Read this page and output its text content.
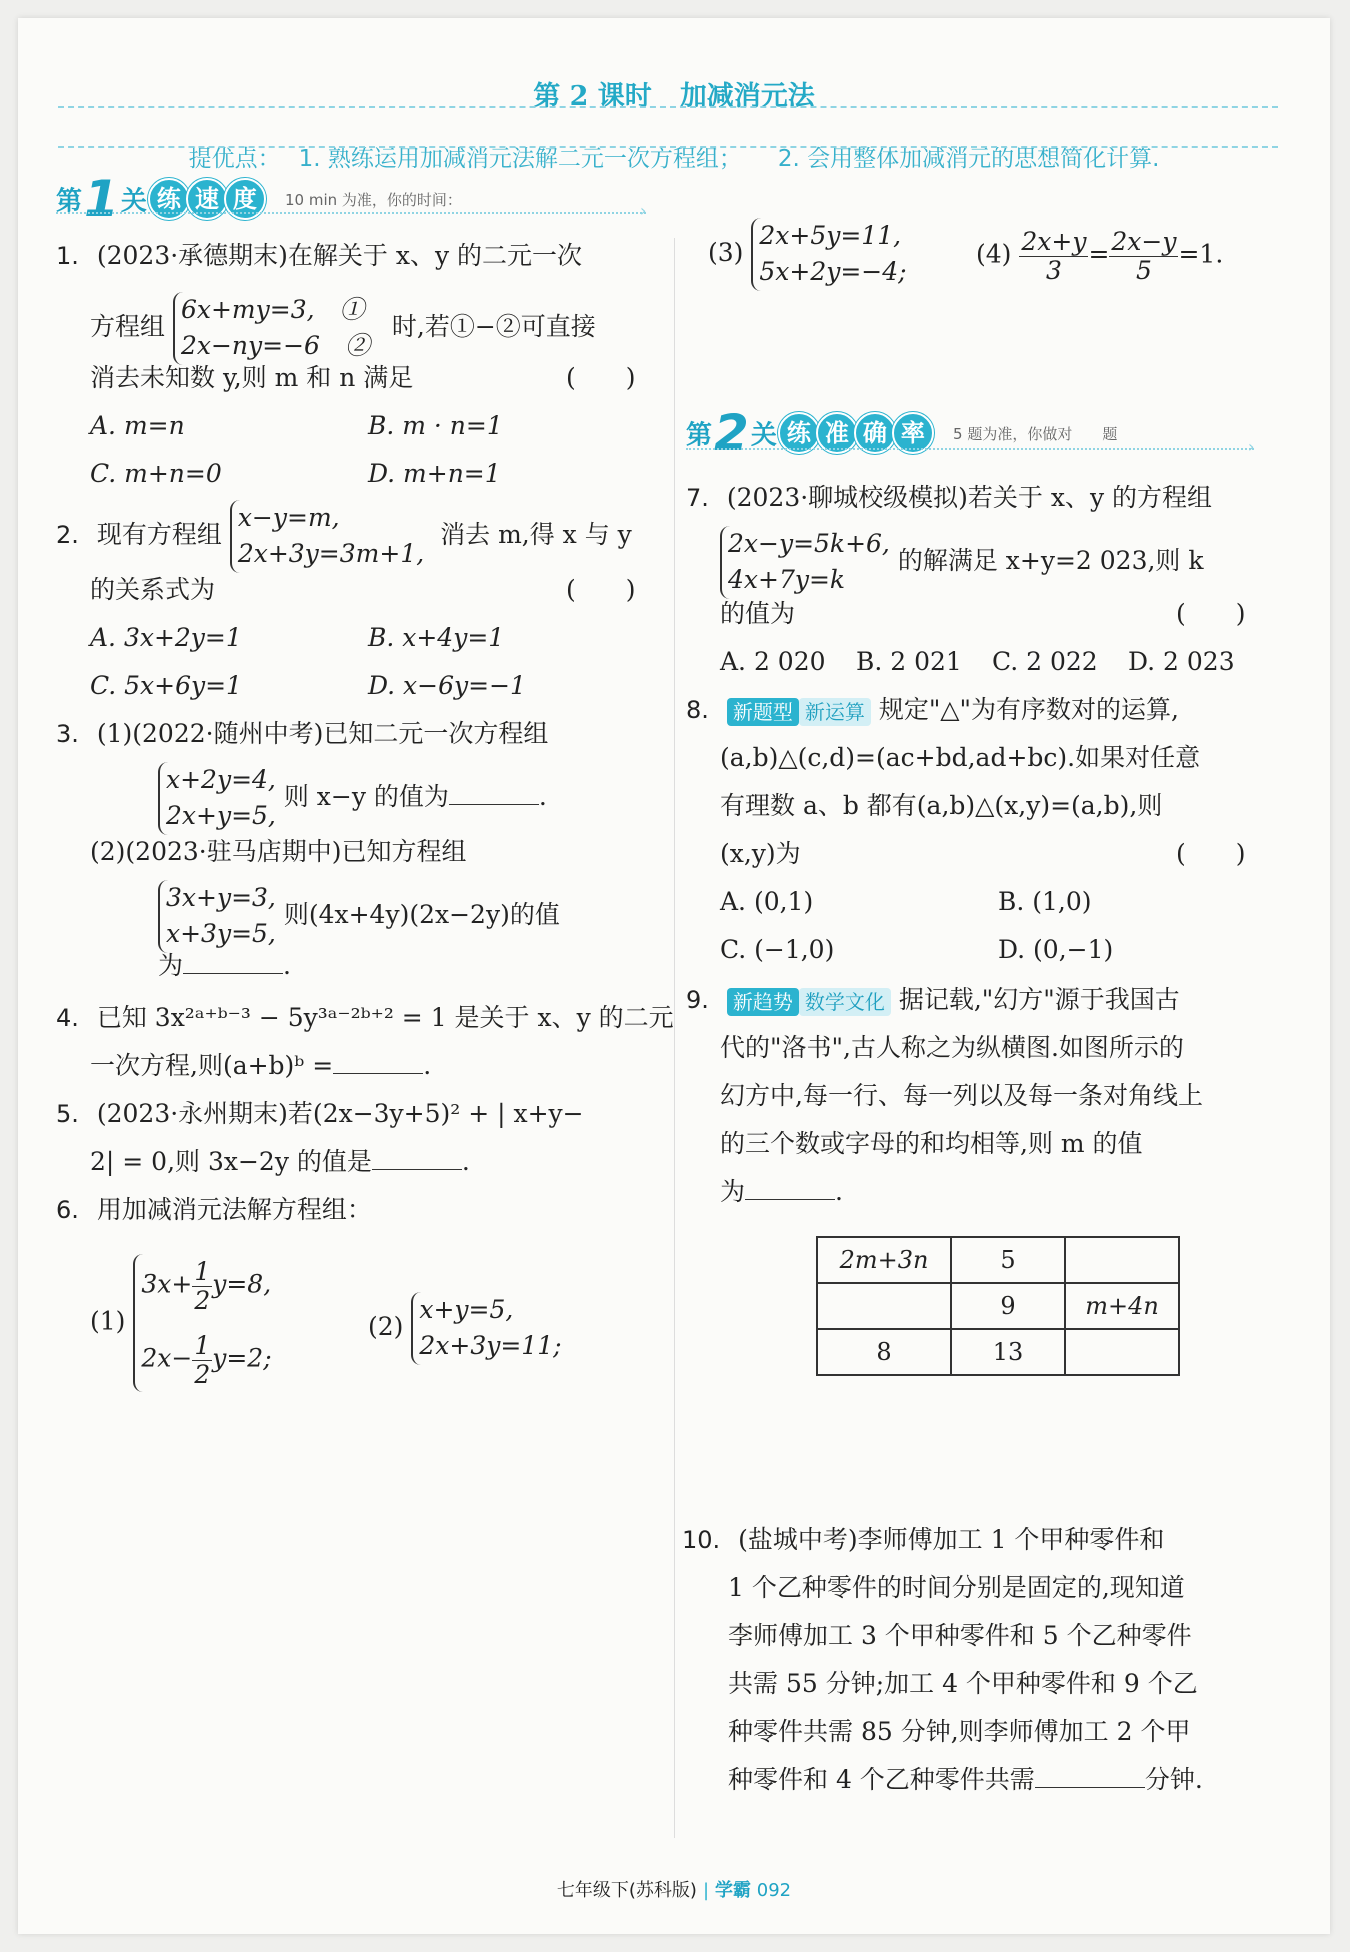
第 2 课时 加减消元法
提优点： 1. 熟练运用加减消元法解二元一次方程组； 2. 会用整体加减消元的思想简化计算.
第1关 练 速 度 10 min 为准，你的时间：
›
1. (2023·承德期末)在解关于 x、y 的二元一次
方程组
6x+my=3,　①
2x−ny=−6　②
时,若①−②可直接
消去未知数 y,则 m 和 n 满足	(　　)
A. m=n	B. m · n=1
C. m+n=0	D. m+n=1
2. 现有方程组
x−y=m,
2x+3y=3m+1,
消去 m,得 x 与 y
的关系式为	(　　)
A. 3x+2y=1	B. x+4y=1
C. 5x+6y=1	D. x−6y=−1
3. (1)(2022·随州中考)已知二元一次方程组
x+2y=4,
2x+y=5,
则 x−y 的值为	.
(2)(2023·驻马店期中)已知方程组
3x+y=3,
x+3y=5,
则(4x+4y)(2x−2y)的值
为	.
4. 已知 3x²ᵃ⁺ᵇ⁻³ − 5y³ᵃ⁻²ᵇ⁺² = 1 是关于 x、y 的二元
一次方程,则(a+b)ᵇ =	.
5. (2023·永州期末)若(2x−3y+5)² + | x+y−
2| = 0,则 3x−2y 的值是	.
6. 用加减消元法解方程组：
(1)
$3x+ \frac{1}{2} y=8$,
$2x- \frac{1}{2} y=2$;
(2)
x+y=5,
2x+3y=11;
(3)
2x+5y=11,
5x+2y=−4;
$(4) \frac{2x+y}{3} = \frac{2x-y}{5} =1$.
第2关 练 准 确 率 5 题为准，你做对　　题
›
7. (2023·聊城校级模拟)若关于 x、y 的方程组
2x−y=5k+6,
4x+7y=k
的解满足 x+y=2 023,则 k
的值为	(　　)
A. 2 020 B. 2 021 C. 2 022 D. 2 023
8. 新题型 新运算 规定"△"为有序数对的运算,
(a,b)△(c,d)=(ac+bd,ad+bc).如果对任意
有理数 a、b 都有(a,b)△(x,y)=(a,b),则
(x,y)为	(　　)
A. (0,1)	B. (1,0)
C. (−1,0)	D. (0,−1)
9. 新趋势 数学文化 据记载,"幻方"源于我国古
代的"洛书",古人称之为纵横图.如图所示的
幻方中,每一行、每一列以及每一条对角线上
的三个数或字母的和均相等,则 m 的值
为	.
2m+3n	5	
	9	m+4n
8	13	
10. (盐城中考)李师傅加工 1 个甲种零件和
1 个乙种零件的时间分别是固定的,现知道
李师傅加工 3 个甲种零件和 5 个乙种零件
共需 55 分钟;加工 4 个甲种零件和 9 个乙
种零件共需 85 分钟,则李师傅加工 2 个甲
种零件和 4 个乙种零件共需	分钟.
七年级下(苏科版) | 学霸 092
